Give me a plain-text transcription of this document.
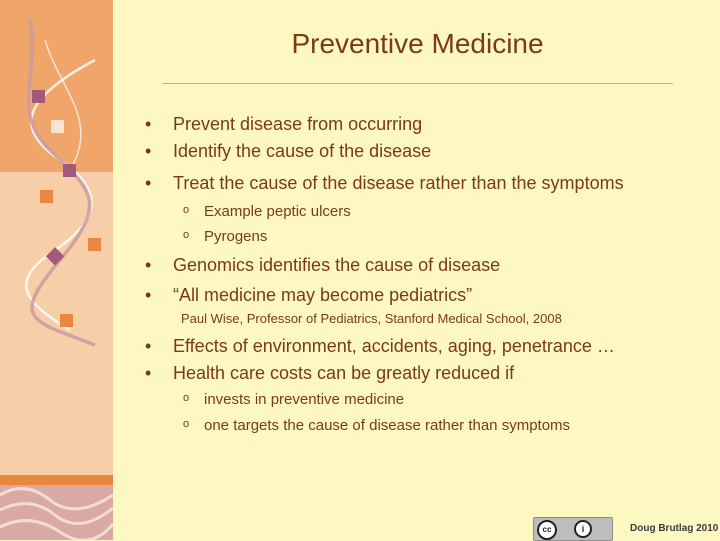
Preventive Medicine
• Prevent disease from occurring
• Identify the cause of the disease
• Treat the cause of the disease rather than the symptoms
o Example peptic ulcers
o Pyrogens
• Genomics identifies the cause of disease
• “All medicine may become pediatrics”
Paul Wise, Professor of Pediatrics, Stanford Medical School, 2008
• Effects of environment, accidents, aging, penetrance …
• Health care costs can be greatly reduced if
o invests in preventive medicine
o one targets the cause of disease rather than symptoms
cc	i	Doug Brutlag 2010
